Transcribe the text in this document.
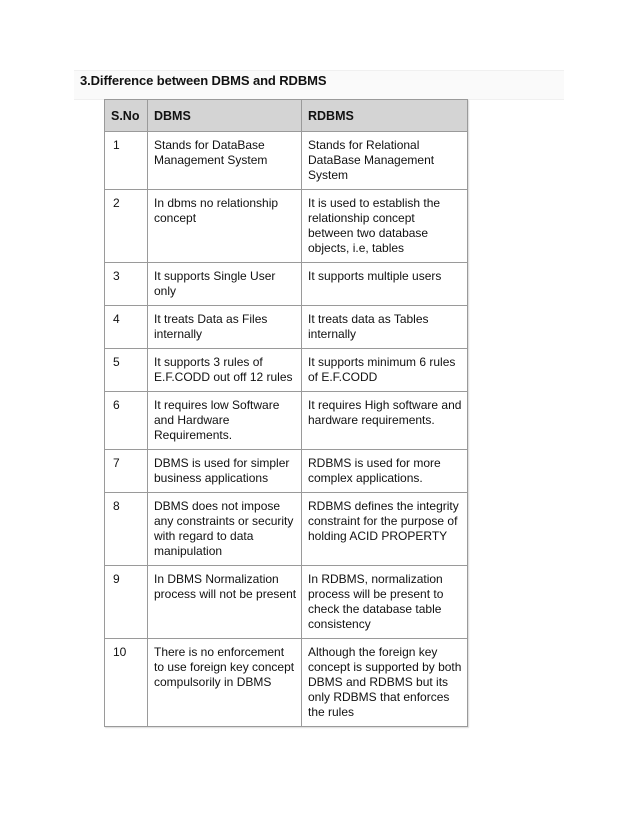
3.Difference between DBMS and RDBMS
S.No	DBMS	RDBMS
1	Stands for DataBase Management System	Stands for Relational DataBase Management System
2	In dbms no relationship concept	It is used to establish the relationship concept between two database objects, i.e, tables
3	It supports Single User only	It supports multiple users
4	It treats Data as Files internally	It treats data as Tables internally
5	It supports 3 rules of E.F.CODD out off 12 rules	It supports minimum 6 rules of E.F.CODD
6	It requires low Software and Hardware Requirements.	It requires High software and hardware requirements.
7	DBMS is used for simpler business applications	RDBMS is used for more complex applications.
8	DBMS does not impose any constraints or security with regard to data manipulation	RDBMS defines the integrity constraint for the purpose of holding ACID PROPERTY
9	In DBMS Normalization process will not be present	In RDBMS, normalization process will be present to check the database table consistency
10	There is no enforcement to use foreign key concept compulsorily in DBMS	Although the foreign key concept is supported by both DBMS and RDBMS but its only RDBMS that enforces the rules
